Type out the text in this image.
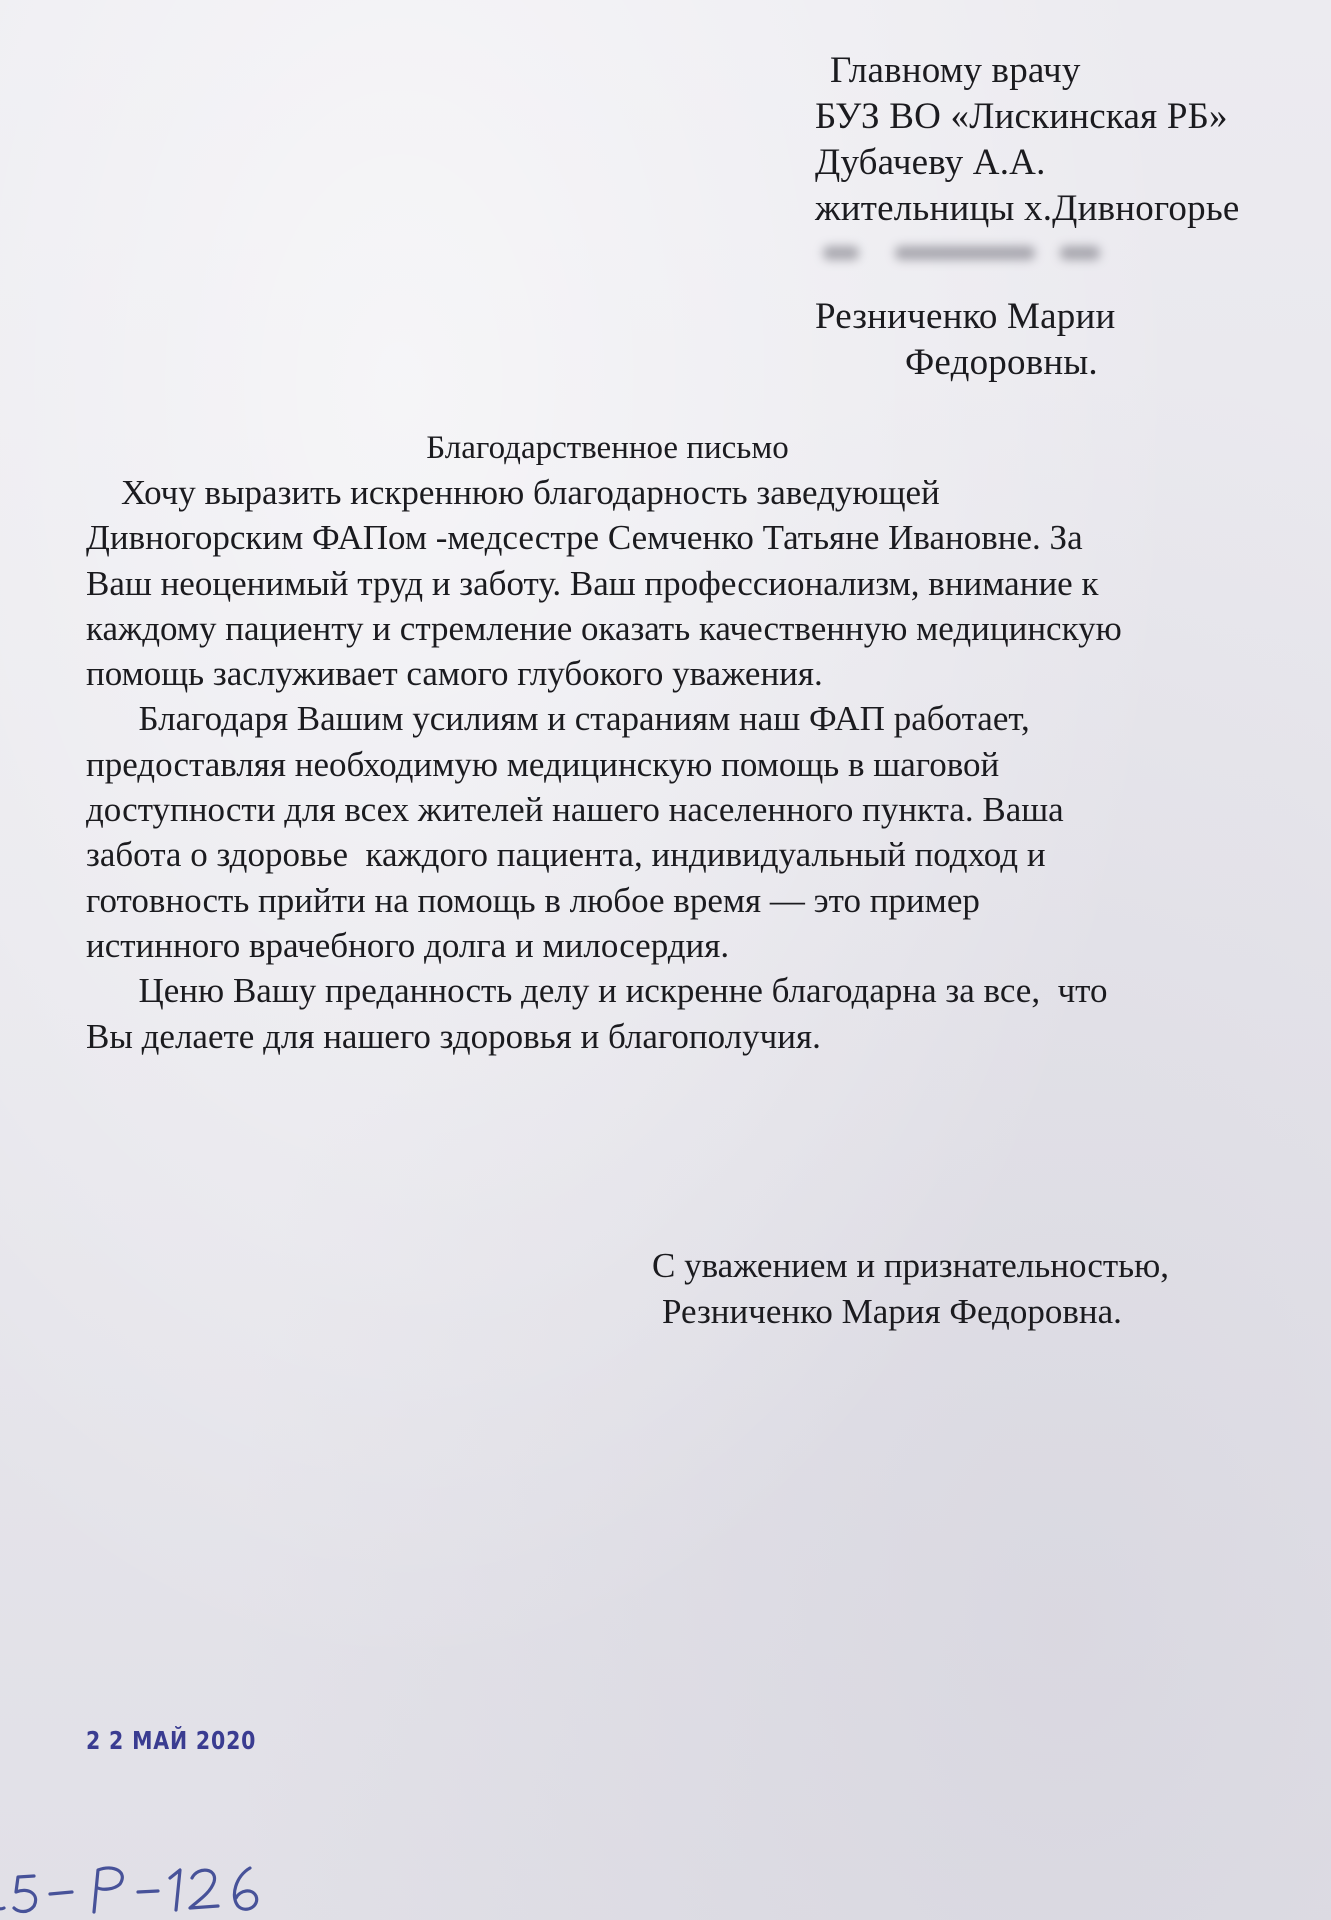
Главному врачу
БУЗ ВО «Лискинская РБ»
Дубачеву А.А.
жительницы х.Дивногорье
Резниченко Марии
Федоровны.
Благодарственное письмо

Хочу выразить искреннюю благодарность заведующей

Дивногорским ФАПом -медсестре Семченко Татьяне Ивановне. За

Ваш неоценимый труд и заботу. Ваш профессионализм, внимание к

каждому пациенту и стремление оказать качественную медицинскую

помощь заслуживает самого глубокого уважения.

Благодаря Вашим усилиям и стараниям наш ФАП работает,

предоставляя необходимую медицинскую помощь в шаговой

доступности для всех жителей нашего населенного пункта. Ваша

забота о здоровье  каждого пациента, индивидуальный подход и

готовность прийти на помощь в любое время — это пример

истинного врачебного долга и милосердия.

Ценю Вашу преданность делу и искренне благодарна за все,  что

Вы делаете для нашего здоровья и благополучия.

С уважением и признательностью,
Резниченко Мария Федоровна.
2 2 МАЙ 2020
